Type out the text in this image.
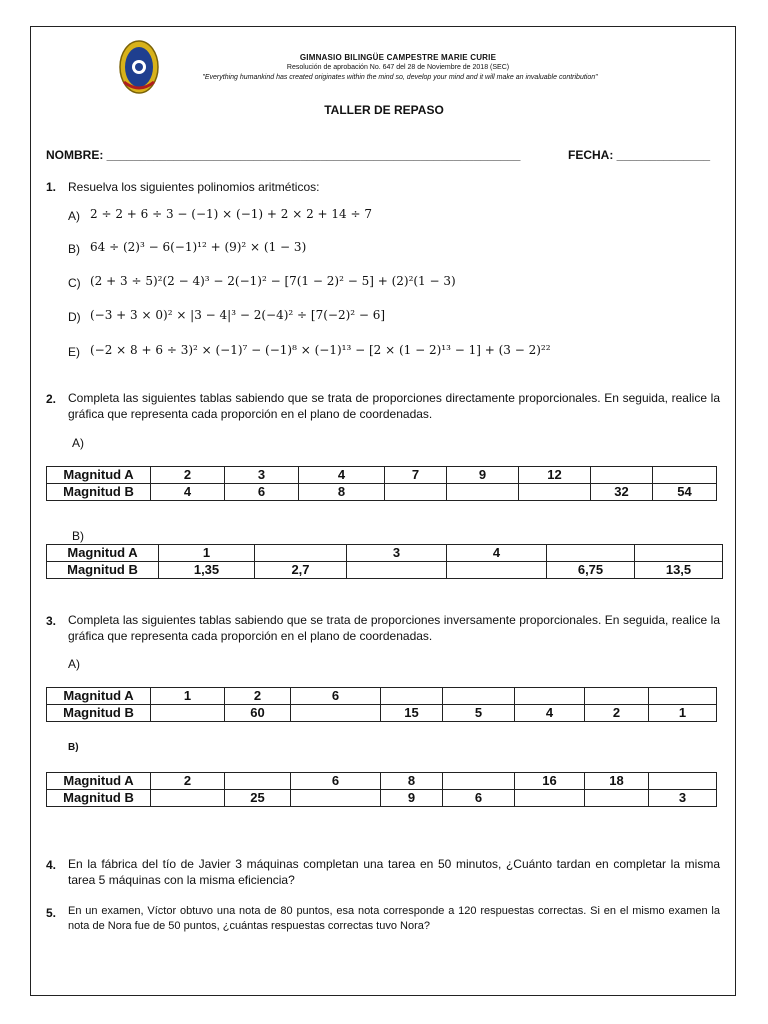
GIMNASIO BILINGÜE CAMPESTRE MARIE CURIE
Resolución de aprobación No. 647 del 28 de Noviembre de 2018 (SEC)
"Everything humankind has created originates within the mind so, develop your mind and it will make an invaluable contribution"
TALLER DE REPASO
NOMBRE: ______________________________________________________________	FECHA: ______________
1. Resuelva los siguientes polinomios aritméticos:
A) 2 ÷ 2 + 6 ÷ 3 − (−1) × (−1) + 2 × 2 + 14 ÷ 7
B) 64 ÷ (2)³ − 6(−1)¹² + (9)² × (1 − 3)
C) (2 + 3 ÷ 5)²(2 − 4)³ − 2(−1)² − [7(1 − 2)² − 5] + (2)²(1 − 3)
D) (−3 + 3 × 0)² × |3 − 4|³ − 2(−4)² ÷ [7(−2)² − 6]
E) (−2 × 8 + 6 ÷ 3)² × (−1)⁷ − (−1)⁸ × (−1)¹³ − [2 × (1 − 2)¹³ − 1] + (3 − 2)²²
2. Completa las siguientes tablas sabiendo que se trata de proporciones directamente proporcionales. En seguida, realice la gráfica que representa cada proporción en el plano de coordenadas.
A)
Magnitud A	2	3	4	7	9	12		
Magnitud B	4	6	8				32	54
B)
Magnitud A	1		3	4		
Magnitud B	1,35	2,7			6,75	13,5
3. Completa las siguientes tablas sabiendo que se trata de proporciones inversamente proporcionales. En seguida, realice la gráfica que representa cada proporción en el plano de coordenadas.
A)
Magnitud A	1	2	6					
Magnitud B		60		15	5	4	2	1
B)
Magnitud A	2		6	8		16	18	
Magnitud B		25		9	6			3
4. En la fábrica del tío de Javier 3 máquinas completan una tarea en 50 minutos, ¿Cuánto tardan en completar la misma tarea 5 máquinas con la misma eficiencia?
5. En un examen, Víctor obtuvo una nota de 80 puntos, esa nota corresponde a 120 respuestas correctas. Si en el mismo examen la nota de Nora fue de 50 puntos, ¿cuántas respuestas correctas tuvo Nora?
